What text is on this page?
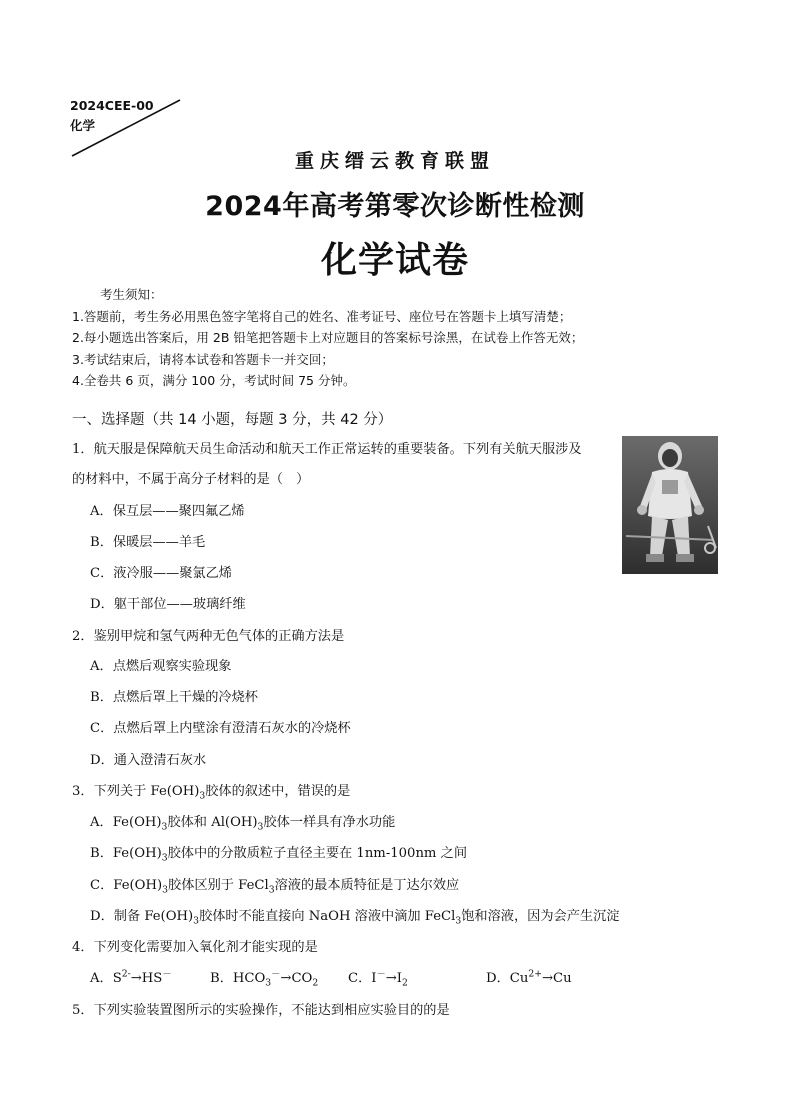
2024CEE-00
化学
重庆缙云教育联盟
2024年高考第零次诊断性检测
化学试卷
考生须知：
1.答题前，考生务必用黑色签字笔将自己的姓名、准考证号、座位号在答题卡上填写清楚；
2.每小题选出答案后，用 2B 铅笔把答题卡上对应题目的答案标号涂黑，在试卷上作答无效；
3.考试结束后，请将本试卷和答题卡一并交回；
4.全卷共 6 页，满分 100 分，考试时间 75 分钟。
一、选择题（共 14 小题，每题 3 分，共 42 分）
1．航天服是保障航天员生命活动和航天工作正常运转的重要装备。下列有关航天服涉及
的材料中，不属于高分子材料的是（　）
A．保互层——聚四氟乙烯
B．保暖层——羊毛
C．液冷服——聚氯乙烯
D．躯干部位——玻璃纤维
2．鉴别甲烷和氢气两种无色气体的正确方法是
A．点燃后观察实验现象
B．点燃后罩上干燥的冷烧杯
C．点燃后罩上内壁涂有澄清石灰水的冷烧杯
D．通入澄清石灰水
3．下列关于 $Fe(OH)_3$胶体的叙述中，错误的是
A．$Fe(OH)_3$胶体和 $Al(OH)_3$胶体一样具有净水功能
B．$Fe(OH)_3$胶体中的分散质粒子直径主要在 1nm-100nm 之间
C．$Fe(OH)_3$胶体区别于 FeCl$_3$溶液的最本质特征是丁达尔效应
D．制备 $Fe(OH)_3$胶体时不能直接向 NaOH 溶液中滴加 FeCl$_3$饱和溶液，因为会产生沉淀
4．下列变化需要加入氧化剂才能实现的是
A．$S^{2-}\to HS^-$	B．$HCO_3^-\to CO_2$ C．$I^-\to I_2$	D．$Cu^{2+}\to Cu$
5．下列实验装置图所示的实验操作，不能达到相应实验目的的是
